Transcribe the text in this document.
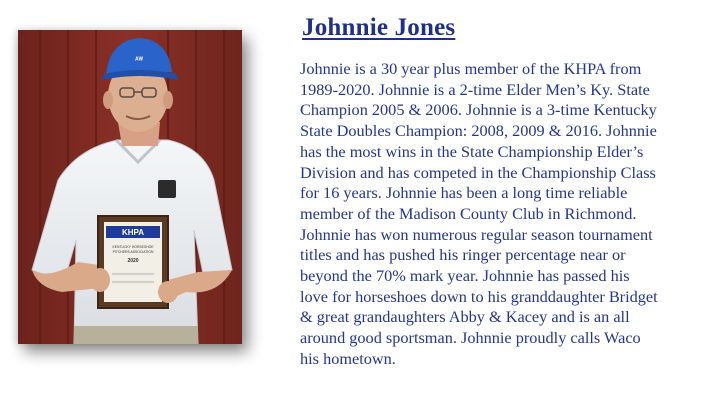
ᴬᵂ
KHPA
KENTUCKY HORSESHOE
PITCHERS ASSOCIATION
2020
Johnnie Jones

Johnnie is a 30 year plus member of the KHPA from
1989-2020. Johnnie is a 2-time Elder Men’s Ky. State
Champion 2005 & 2006. Johnnie is a 3-time Kentucky
State Doubles Champion: 2008, 2009 & 2016. Johnnie
has the most wins in the State Championship Elder’s
Division and has competed in the Championship Class
for 16 years. Johnnie has been a long time reliable
member of the Madison County Club in Richmond.
Johnnie has won numerous regular season tournament
titles and has pushed his ringer percentage near or
beyond the 70% mark year. Johnnie has passed his
love for horseshoes down to his granddaughter Bridget
& great grandaughters Abby & Kacey and is an all
around good sportsman. Johnnie proudly calls Waco
his hometown.
